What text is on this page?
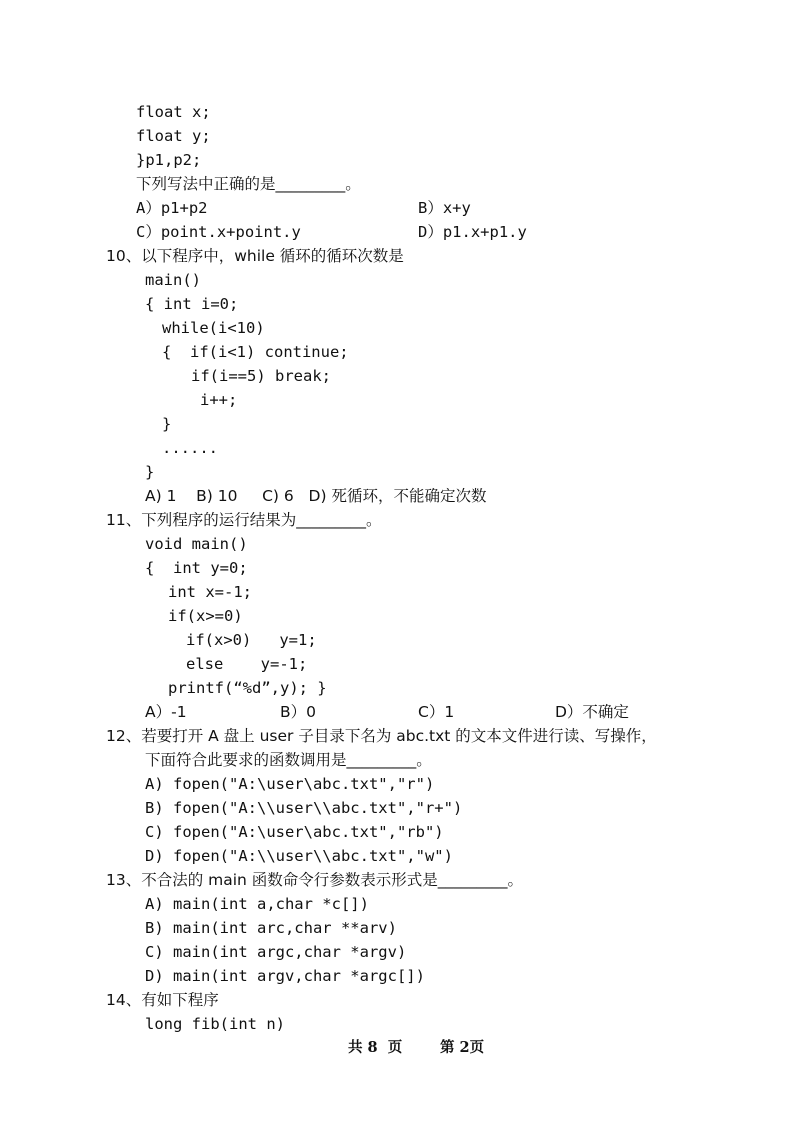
float x;
float y;
}p1,p2;
下列写法中正确的是_________。
A）p1+p2	B）x+y
C）point.x+point.y	D）p1.x+p1.y
10、以下程序中，while 循环的循环次数是
main()
{ int i=0;
while(i<10)
{  if(i<1) continue;
if(i==5) break;
i++;
}
......
}
A) 1    B) 10     C) 6   D) 死循环，不能确定次数
11、下列程序的运行结果为_________。
void main()
{  int y=0;
int x=-1;
if(x>=0)
if(x>0)   y=1;
else    y=-1;
printf(“%d”,y); }
A）-1	B）0	C）1	D）不确定
12、若要打开 A 盘上 user 子目录下名为 abc.txt 的文本文件进行读、写操作，
下面符合此要求的函数调用是_________。
A) fopen("A:\user\abc.txt","r")
B) fopen("A:\\user\\abc.txt","r+")
C) fopen("A:\user\abc.txt","rb")
D) fopen("A:\\user\\abc.txt","w")
13、不合法的 main 函数命令行参数表示形式是_________。
A) main(int a,char *c[])
B) main(int arc,char **arv)
C) main(int argc,char *argv)
D) main(int argv,char *argc[])
14、有如下程序
long fib(int n)
共 8  页	第 2页
